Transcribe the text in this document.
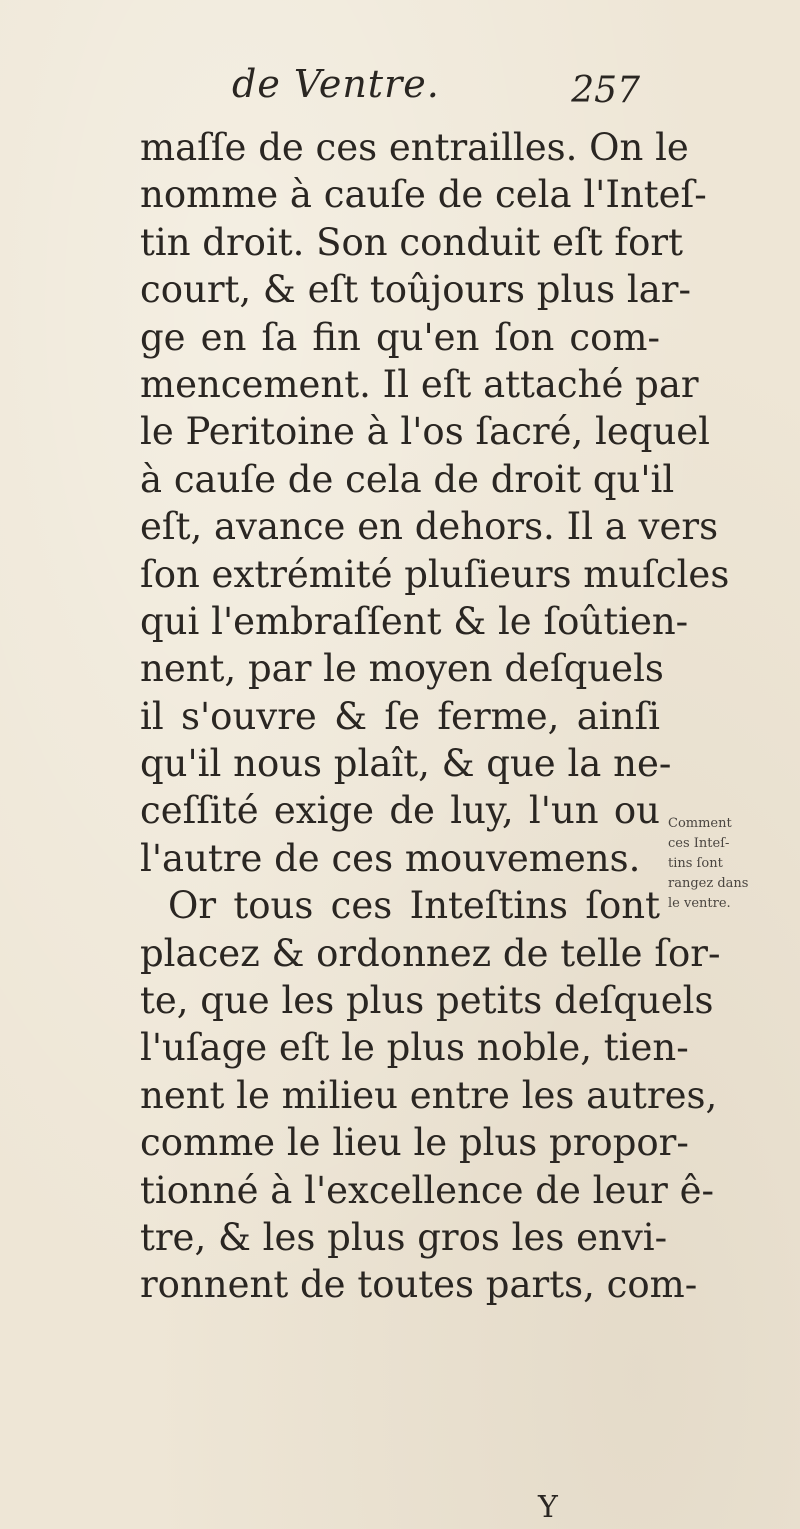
de Ventre.	257
maſſe de ces entrailles. On le
nomme à cauſe de cela l'Inteſ-
tin droit. Son conduit eſt fort
court, & eſt toûjours plus lar-
ge en ſa fin qu'en ſon com-
mencement. Il eſt attaché par
le Peritoine à l'os ſacré, lequel
à cauſe de cela de droit qu'il
eſt, avance en dehors. Il a vers
ſon extrémité pluſieurs muſcles
qui l'embraſſent & le ſoûtien-
nent, par le moyen deſquels
il s'ouvre & ſe ferme, ainſi
qu'il nous plaît, & que la ne-
ceſſité exige de luy, l'un ou
l'autre de ces mouvemens.
Or tous ces Inteſtins ſont
placez & ordonnez de telle ſor-
te, que les plus petits deſquels
l'uſage eſt le plus noble, tien-
nent le milieu entre les autres,
comme le lieu le plus propor-
tionné à l'excellence de leur ê-
tre, & les plus gros les envi-
ronnent de toutes parts, com-
Comment
ces Inteſ-
tins ſont
rangez dans
le ventre.
Y
